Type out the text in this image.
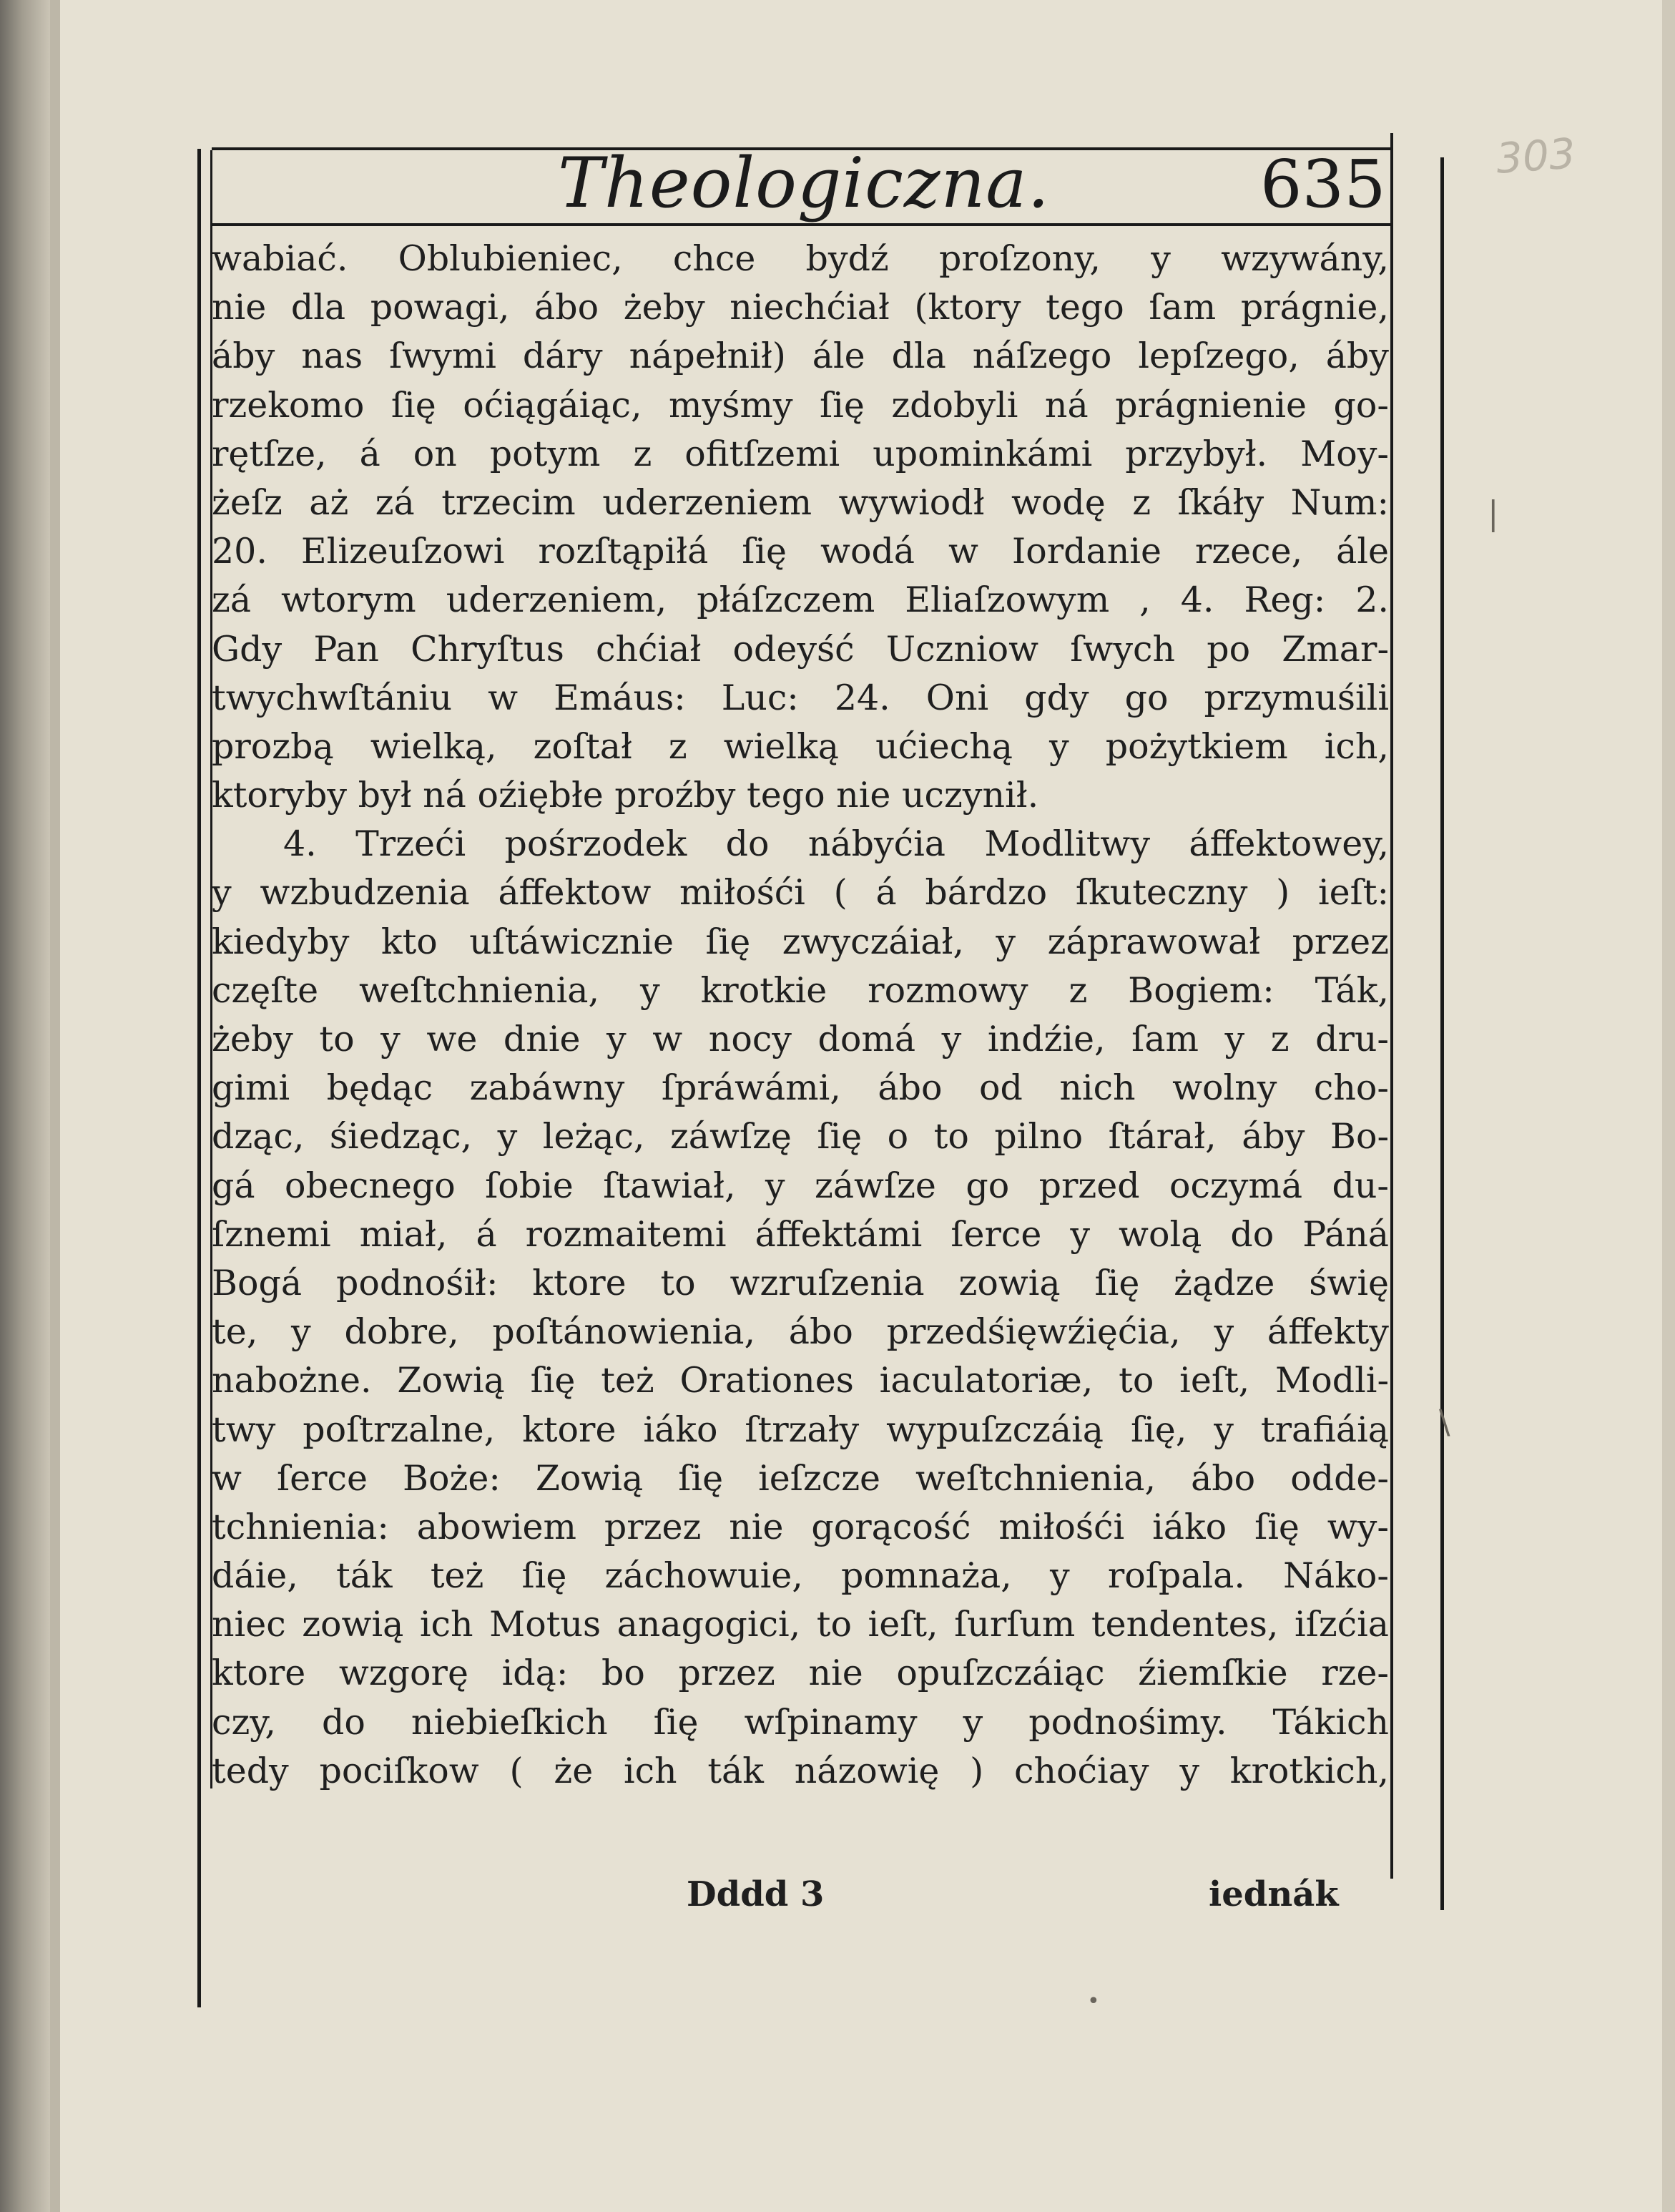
Theologiczna.	635	303
wabiać. Oblubieniec, chce bydź proſzony, y wzywány,
nie dla powagi, ábo żeby niechćiał (ktory tego ſam prágnie,
áby nas ſwymi dáry nápełnił) ále dla náſzego lepſzego, áby
rzekomo ſię oćiągáiąc, myśmy ſię zdobyli ná prágnienie go-
rętſze, á on potym z ofitſzemi upominkámi przybył. Moy-
żeſz aż zá trzecim uderzeniem wywiodł wodę z ſkáły Num:
20. Elizeuſzowi rozſtąpiłá ſię wodá w Iordanie rzece, ále
zá wtorym uderzeniem, płáſzczem Eliaſzowym , 4. Reg: 2.
Gdy Pan Chryſtus chćiał odeyść Uczniow ſwych po Zmar-
twychwſtániu w Emáus: Luc: 24. Oni gdy go przymuśili
prozbą wielką, zoſtał z wielką ućiechą y pożytkiem ich,
ktoryby był ná oźiębłe proźby tego nie uczynił.
4. Trzeći pośrzodek do nábyćia Modlitwy áffektowey,
y wzbudzenia áffektow miłośći ( á bárdzo ſkuteczny ) ieſt:
kiedyby kto uſtáwicznie ſię zwyczáiał, y záprawował przez
częſte weſtchnienia, y krotkie rozmowy z Bogiem: Ták,
żeby to y we dnie y w nocy domá y indźie, ſam y z dru-
gimi będąc zabáwny ſpráwámi, ábo od nich wolny cho-
dząc, śiedząc, y leżąc, záwſzę ſię o to pilno ſtárał, áby Bo-
gá obecnego ſobie ſtawiał, y záwſze go przed oczymá du-
ſznemi miał, á rozmaitemi áffektámi ſerce y wolą do Páná
Bogá podnośił: ktore to wzruſzenia zowią ſię żądze świę
te, y dobre, poſtánowienia, ábo przedśięwźięćia, y áffekty
nabożne. Zowią ſię też Orationes iaculatoriæ, to ieſt, Modli-
twy poſtrzalne, ktore iáko ſtrzały wypuſzczáią ſię, y trafiáią
w ſerce Boże: Zowią ſię ieſzcze weſtchnienia, ábo odde-
tchnienia: abowiem przez nie gorącość miłośći iáko ſię wy-
dáie, ták też ſię záchowuie, pomnaża, y roſpala. Náko-
niec zowią ich Motus anagogici, to ieſt, ſurſum tendentes, iſzćia
ktore wzgorę idą: bo przez nie opuſzczáiąc źiemſkie rze-
czy, do niebieſkich ſię wſpinamy y podnośimy. Tákich
tedy pociſkow ( że ich ták názowię ) choćiay y krotkich,
Dddd 3	iednák
|
\
•
